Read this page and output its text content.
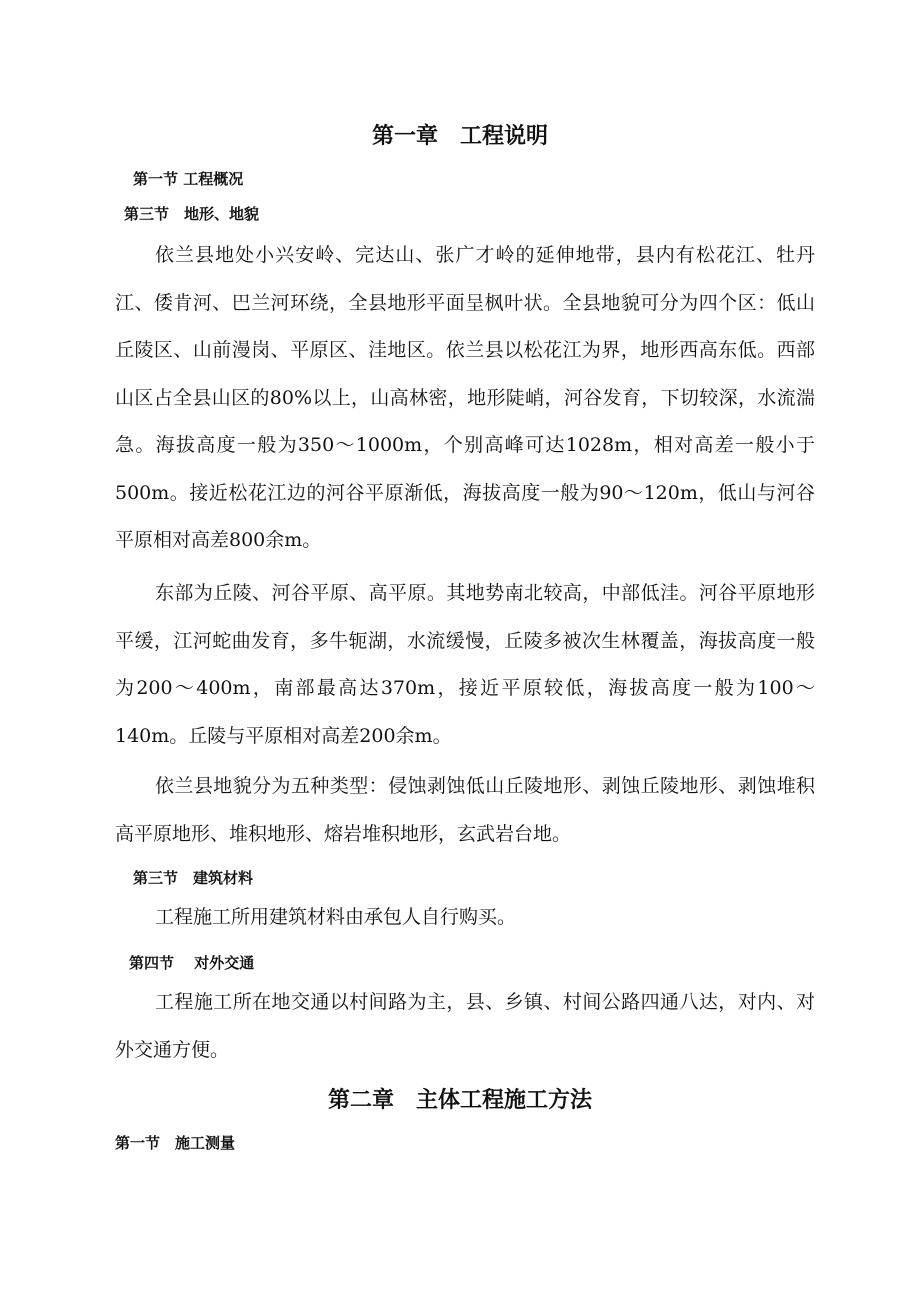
第一章　工程说明
第一节 工程概况
第三节　地形、地貌

依兰县地处小兴安岭、完达山、张广才岭的延伸地带，县内有松花江、牡丹江、倭肯河、巴兰河环绕，全县地形平面呈枫叶状。全县地貌可分为四个区：低山丘陵区、山前漫岗、平原区、洼地区。依兰县以松花江为界，地形西高东低。西部山区占全县山区的80%以上，山高林密，地形陡峭，河谷发育，下切较深，水流湍急。海拔高度一般为350～1000m，个别高峰可达1028m，相对高差一般小于500m。接近松花江边的河谷平原渐低，海拔高度一般为90～120m，低山与河谷平原相对高差800余m。

东部为丘陵、河谷平原、高平原。其地势南北较高，中部低洼。河谷平原地形平缓，江河蛇曲发育，多牛轭湖，水流缓慢，丘陵多被次生林覆盖，海拔高度一般为200～400m，南部最高达370m，接近平原较低，海拔高度一般为100～140m。丘陵与平原相对高差200余m。

依兰县地貌分为五种类型：侵蚀剥蚀低山丘陵地形、剥蚀丘陵地形、剥蚀堆积高平原地形、堆积地形、熔岩堆积地形，玄武岩台地。

第三节　建筑材料

工程施工所用建筑材料由承包人自行购买。

第四节　 对外交通

工程施工所在地交通以村间路为主，县、乡镇、村间公路四通八达，对内、对外交通方便。

第二章　主体工程施工方法
第一节　施工测量
